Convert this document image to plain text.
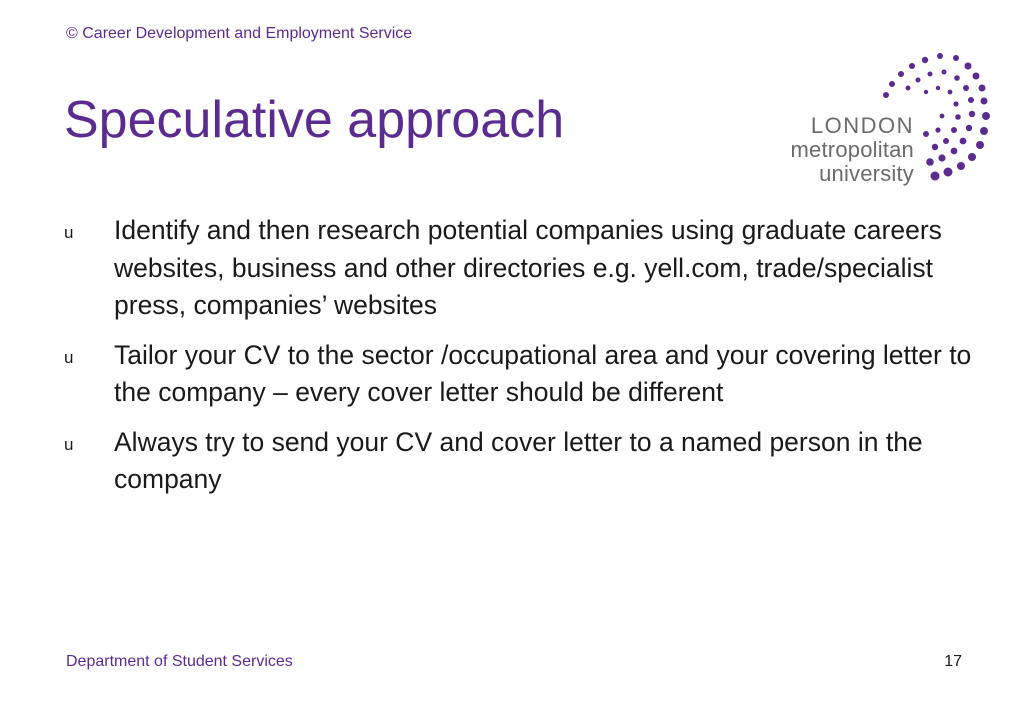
© Career Development and Employment Service
Speculative approach	LONDON
metropolitan
university
u Identify and then research potential companies using graduate careers websites, business and other directories e.g. yell.com, trade/specialist press, companies’ websites
u Tailor your CV to the sector /occupational area and your covering letter to the company – every cover letter should be different
u Always try to send your CV and cover letter to a named person in the company
Department of Student Services	17
